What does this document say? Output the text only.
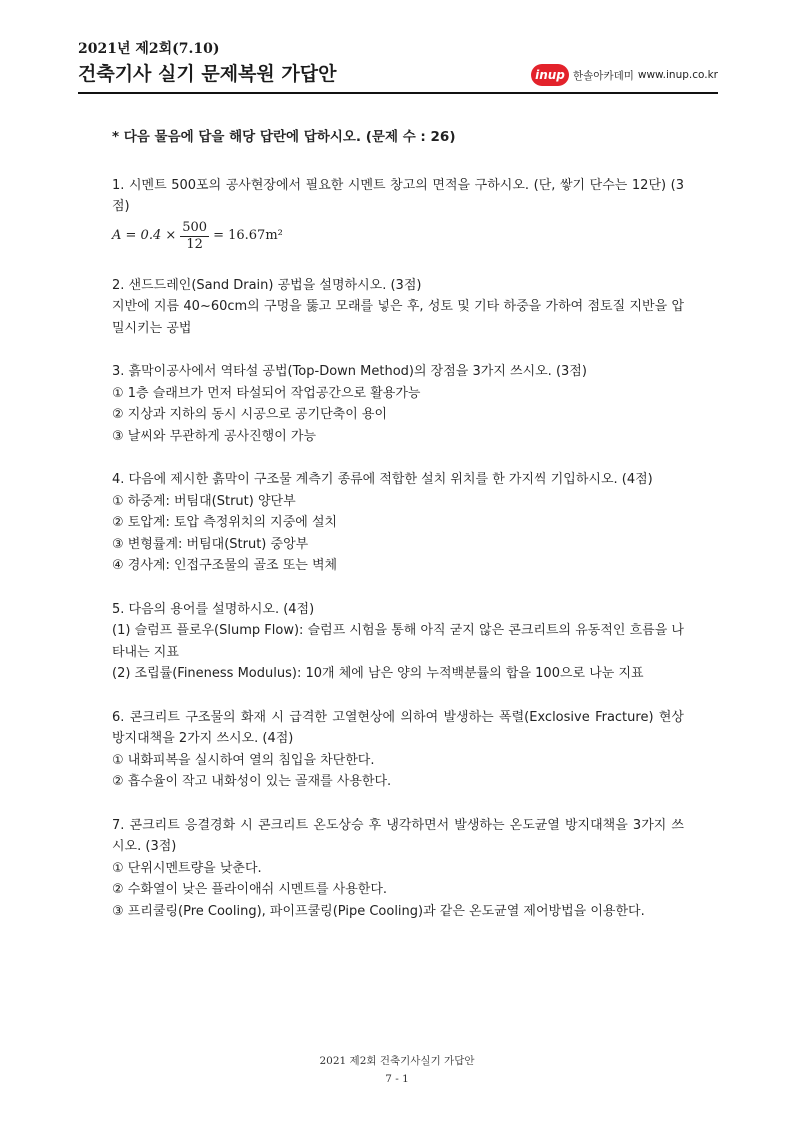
2021년 제2회(7.10)
건축기사 실기 문제복원 가답안	inup 한솔아카데미 www.inup.co.kr
* 다음 물음에 답을 해당 답란에 답하시오. (문제 수 : 26)
1. 시멘트 500포의 공사현장에서 필요한 시멘트 창고의 면적을 구하시오. (단, 쌓기 단수는 12단) (3점)
$A = 0.4 \times \frac{500}{12} = 16.67m^2$
2. 샌드드레인(Sand Drain) 공법을 설명하시오. (3점)
지반에 지름 40~60cm의 구멍을 뚫고 모래를 넣은 후, 성토 및 기타 하중을 가하여 점토질 지반을 압밀시키는 공법
3. 흙막이공사에서 역타설 공법(Top-Down Method)의 장점을 3가지 쓰시오. (3점)
① 1층 슬래브가 먼저 타설되어 작업공간으로 활용가능
② 지상과 지하의 동시 시공으로 공기단축이 용이
③ 날씨와 무관하게 공사진행이 가능
4. 다음에 제시한 흙막이 구조물 계측기 종류에 적합한 설치 위치를 한 가지씩 기입하시오. (4점)
① 하중계: 버팀대(Strut) 양단부
② 토압계: 토압 측정위치의 지중에 설치
③ 변형률계: 버팀대(Strut) 중앙부
④ 경사계: 인접구조물의 골조 또는 벽체
5. 다음의 용어를 설명하시오. (4점)
(1) 슬럼프 플로우(Slump Flow): 슬럼프 시험을 통해 아직 굳지 않은 콘크리트의 유동적인 흐름을 나타내는 지표
(2) 조립률(Fineness Modulus): 10개 체에 남은 양의 누적백분률의 합을 100으로 나눈 지표
6. 콘크리트 구조물의 화재 시 급격한 고열현상에 의하여 발생하는 폭렬(Exclosive Fracture) 현상 방지대책을 2가지 쓰시오. (4점)
① 내화피복을 실시하여 열의 침입을 차단한다.
② 흡수율이 작고 내화성이 있는 골재를 사용한다.
7. 콘크리트 응결경화 시 콘크리트 온도상승 후 냉각하면서 발생하는 온도균열 방지대책을 3가지 쓰시오. (3점)
① 단위시멘트량을 낮춘다.
② 수화열이 낮은 플라이애쉬 시멘트를 사용한다.
③ 프리쿨링(Pre Cooling), 파이프쿨링(Pipe Cooling)과 같은 온도균열 제어방법을 이용한다.
2021 제2회 건축기사실기 가답안
7 - 1
